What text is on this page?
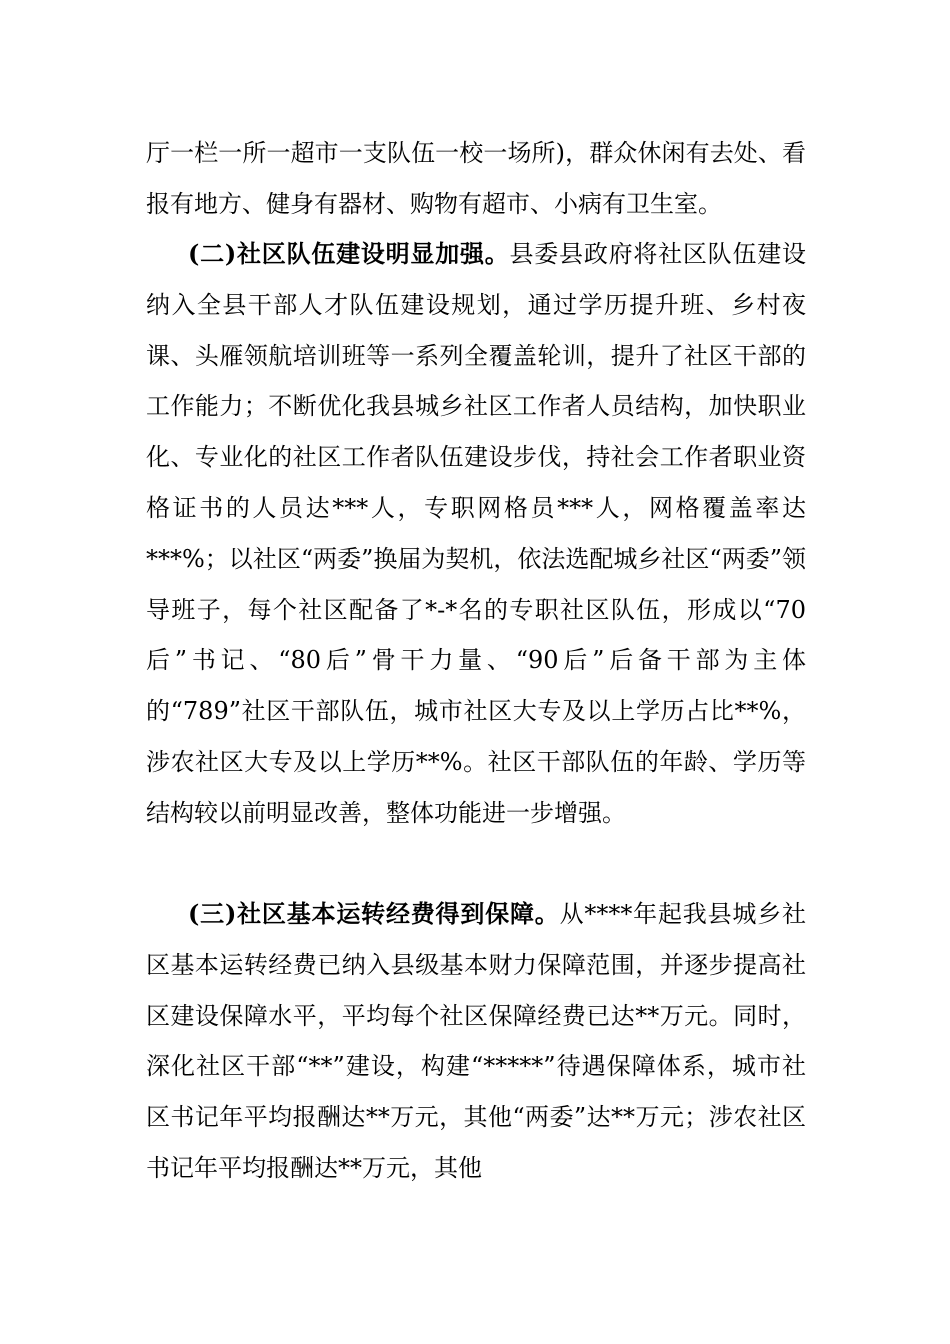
厅一栏一所一超市一支队伍一校一场所)，群众休闲有去处、看报有地方、健身有器材、购物有超市、小病有卫生室。

(二)社区队伍建设明显加强。县委县政府将社区队伍建设纳入全县干部人才队伍建设规划，通过学历提升班、乡村夜课、头雁领航培训班等一系列全覆盖轮训，提升了社区干部的工作能力；不断优化我县城乡社区工作者人员结构，加快职业化、专业化的社区工作者队伍建设步伐，持社会工作者职业资格证书的人员达***人，专职网格员***人，网格覆盖率达***%；以社区“两委”换届为契机，依法选配城乡社区“两委”领导班子，每个社区配备了*-*名的专职社区队伍，形成以“70后”书记、“80后”骨干力量、“90后”后备干部为主体的“789”社区干部队伍，城市社区大专及以上学历占比**%，涉农社区大专及以上学历**%。社区干部队伍的年龄、学历等结构较以前明显改善，整体功能进一步增强。

(三)社区基本运转经费得到保障。从****年起我县城乡社区基本运转经费已纳入县级基本财力保障范围，并逐步提高社区建设保障水平，平均每个社区保障经费已达**万元。同时，深化社区干部“**”建设，构建“*****”待遇保障体系，城市社区书记年平均报酬达**万元，其他“两委”达**万元；涉农社区书记年平均报酬达**万元，其他
